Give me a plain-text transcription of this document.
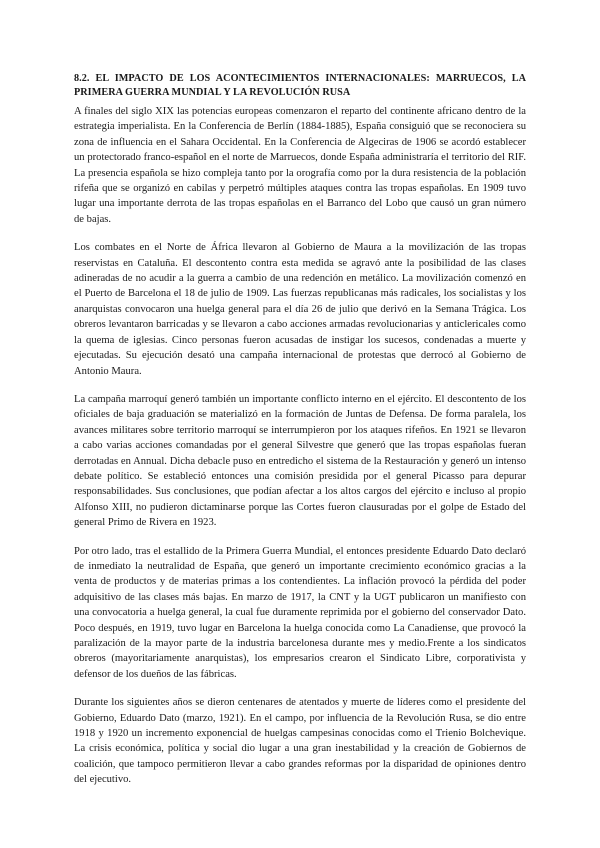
8.2. EL IMPACTO DE LOS ACONTECIMIENTOS INTERNACIONALES: MARRUECOS, LA PRIMERA GUERRA MUNDIAL Y LA REVOLUCIÓN RUSA

A finales del siglo XIX las potencias europeas comenzaron el reparto del continente africano dentro de la estrategia imperialista. En la Conferencia de Berlín (1884-1885), España consiguió que se reconociera su zona de influencia en el Sahara Occidental. En la Conferencia de Algeciras de 1906 se acordó establecer un protectorado franco-español en el norte de Marruecos, donde España administraría el territorio del RIF. La presencia española se hizo compleja tanto por la orografía como por la dura resistencia de la población rifeña que se organizó en cabilas y perpetró múltiples ataques contra las tropas españolas. En 1909 tuvo lugar una importante derrota de las tropas españolas en el Barranco del Lobo que causó un gran número de bajas.

Los combates en el Norte de África llevaron al Gobierno de Maura a la movilización de las tropas reservistas en Cataluña. El descontento contra esta medida se agravó ante la posibilidad de las clases adineradas de no acudir a la guerra a cambio de una redención en metálico. La movilización comenzó en el Puerto de Barcelona el 18 de julio de 1909. Las fuerzas republicanas más radicales, los socialistas y los anarquistas convocaron una huelga general para el día 26 de julio que derivó en la Semana Trágica. Los obreros levantaron barricadas y se llevaron a cabo acciones armadas revolucionarias y anticlericales como la quema de iglesias. Cinco personas fueron acusadas de instigar los sucesos, condenadas a muerte y ejecutadas. Su ejecución desató una campaña internacional de protestas que derrocó al Gobierno de Antonio Maura.

La campaña marroquí generó también un importante conflicto interno en el ejército. El descontento de los oficiales de baja graduación se materializó en la formación de Juntas de Defensa. De forma paralela, los avances militares sobre territorio marroquí se interrumpieron por los ataques rifeños. En 1921 se llevaron a cabo varias acciones comandadas por el general Silvestre que generó que las tropas españolas fueran derrotadas en Annual. Dicha debacle puso en entredicho el sistema de la Restauración y generó un intenso debate político. Se estableció entonces una comisión presidida por el general Picasso para depurar responsabilidades. Sus conclusiones, que podían afectar a los altos cargos del ejército e incluso al propio Alfonso XIII, no pudieron dictaminarse porque las Cortes fueron clausuradas por el golpe de Estado del general Primo de Rivera en 1923.

Por otro lado, tras el estallido de la Primera Guerra Mundial, el entonces presidente Eduardo Dato declaró de inmediato la neutralidad de España, que generó un importante crecimiento económico gracias a la venta de productos y de materias primas a los contendientes. La inflación provocó la pérdida del poder adquisitivo de las clases más bajas. En marzo de 1917, la CNT y la UGT publicaron un manifiesto con una convocatoria a huelga general, la cual fue duramente reprimida por el gobierno del conservador Dato. Poco después, en 1919, tuvo lugar en Barcelona la huelga conocida como La Canadiense, que provocó la paralización de la mayor parte de la industria barcelonesa durante mes y medio.Frente a los sindicatos obreros (mayoritariamente anarquistas), los empresarios crearon el Sindicato Libre, corporativista y defensor de los dueños de las fábricas.

Durante los siguientes años se dieron centenares de atentados y muerte de líderes como el presidente del Gobierno, Eduardo Dato (marzo, 1921). En el campo, por influencia de la Revolución Rusa, se dio entre 1918 y 1920 un incremento exponencial de huelgas campesinas conocidas como el Trienio Bolchevique. La crisis económica, política y social dio lugar a una gran inestabilidad y la creación de Gobiernos de coalición, que tampoco permitieron llevar a cabo grandes reformas por la disparidad de opiniones dentro del ejecutivo.
